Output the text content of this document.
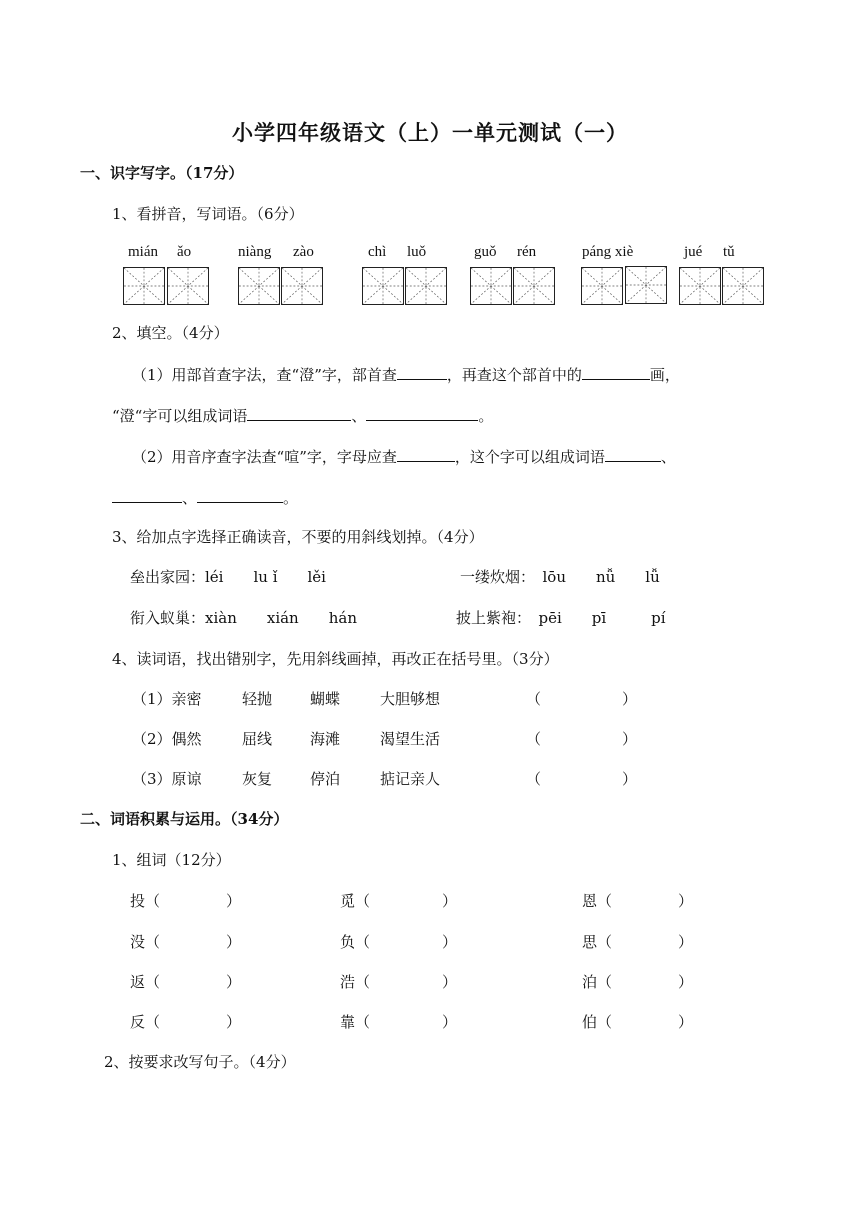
小学四年级语文（上）一单元测试（一）
一、识字写字。（17分）
1、看拼音，写词语。（6分）
mián ǎo	niàng zào	chì luǒ	guǒ rén	páng xiè	jué tǔ
2、填空。（4分）
（1）用部首查字法，查“澄”字，部首查	，再查这个部首中的	画，
“澄“字可以组成词语	、	。
（2）用音序查字法查“喧”字，字母应查	，这个字可以组成词语	、
、	。
3、给加点字选择正确读音，不要的用斜线划掉。（4分）
垒出家园：léi　　lu ǐ　　lěi	一缕炊烟：　lōu　　nǚ　　lǚ
衔入蚁巢：xiàn　　xián　　hán	披上紫袍：　pēi　　pī　　　pí
4、读词语，找出错别字，先用斜线画掉，再改正在括号里。（3分）
（1）亲密	轻抛	蝴蝶	大胆够想	（	）
（2）偶然	屈线	海滩	渴望生活	（	）
（3）原谅	灰复	停泊	掂记亲人	（	）
二、词语积累与运用。（34分）
1、组词（12分）
投（	）	觅（	）	恩（	）
没（	）	负（	）	思（	）
返（	）	浩（	）	泊（	）
反（	）	靠（	）	伯（	）
2、按要求改写句子。（4分）
